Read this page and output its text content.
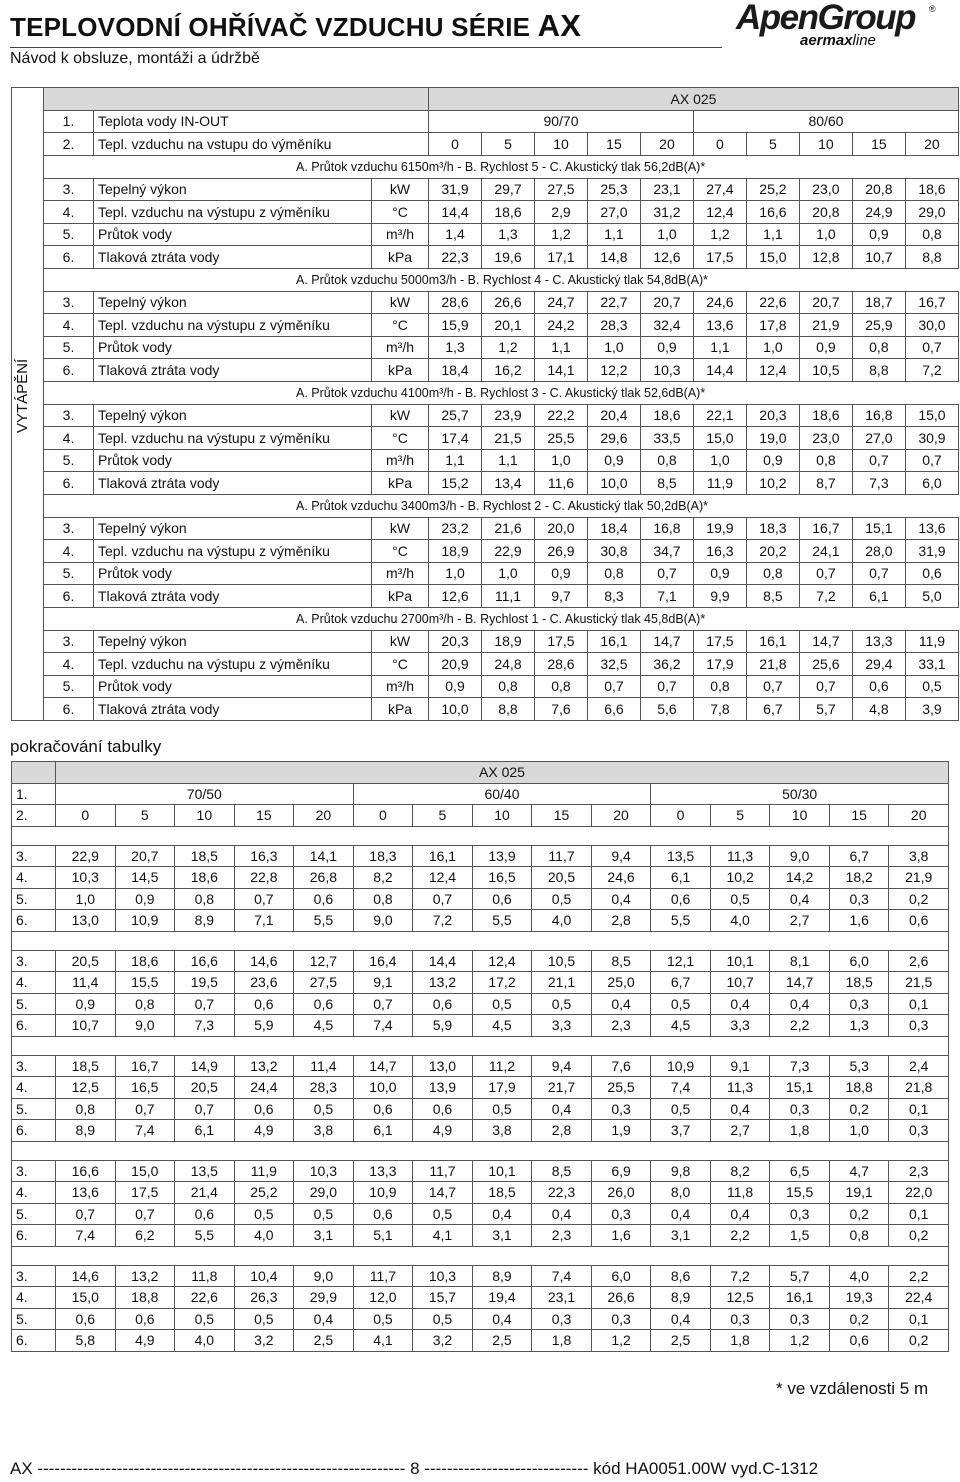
TEPLOVODNÍ OHŘÍVAČ VZDUCHU SÉRIE AX
Návod k obsluze, montáži a údržbě
ApenGroup ®
aermaxline
VYTÁPĚNÍ				AX 025									
	1.	Teplota vody IN-OUT		90/70					80/60				
	2.	Tepl. vzduchu na vstupu do výměníku		0	5	10	15	20	0	5	10	15	20
	A. Průtok vzduchu 6150m³/h - B. Rychlost 5 - C. Akustický tlak 56,2dB(A)*												
	3.	Tepelný výkon	kW	31,9	29,7	27,5	25,3	23,1	27,4	25,2	23,0	20,8	18,6
	4.	Tepl. vzduchu na výstupu z výměníku	°C	14,4	18,6	2,9	27,0	31,2	12,4	16,6	20,8	24,9	29,0
	5.	Průtok vody	m³/h	1,4	1,3	1,2	1,1	1,0	1,2	1,1	1,0	0,9	0,8
	6.	Tlaková ztráta vody	kPa	22,3	19,6	17,1	14,8	12,6	17,5	15,0	12,8	10,7	8,8
	A. Průtok vzduchu 5000m3/h - B. Rychlost 4 - C. Akustický tlak 54,8dB(A)*												
	3.	Tepelný výkon	kW	28,6	26,6	24,7	22,7	20,7	24,6	22,6	20,7	18,7	16,7
	4.	Tepl. vzduchu na výstupu z výměníku	°C	15,9	20,1	24,2	28,3	32,4	13,6	17,8	21,9	25,9	30,0
	5.	Průtok vody	m³/h	1,3	1,2	1,1	1,0	0,9	1,1	1,0	0,9	0,8	0,7
	6.	Tlaková ztráta vody	kPa	18,4	16,2	14,1	12,2	10,3	14,4	12,4	10,5	8,8	7,2
	A. Průtok vzduchu 4100m³/h - B. Rychlost 3 - C. Akustický tlak 52,6dB(A)*												
	3.	Tepelný výkon	kW	25,7	23,9	22,2	20,4	18,6	22,1	20,3	18,6	16,8	15,0
	4.	Tepl. vzduchu na výstupu z výměníku	°C	17,4	21,5	25,5	29,6	33,5	15,0	19,0	23,0	27,0	30,9
	5.	Průtok vody	m³/h	1,1	1,1	1,0	0,9	0,8	1,0	0,9	0,8	0,7	0,7
	6.	Tlaková ztráta vody	kPa	15,2	13,4	11,6	10,0	8,5	11,9	10,2	8,7	7,3	6,0
	A. Průtok vzduchu 3400m3/h - B. Rychlost 2 - C. Akustický tlak 50,2dB(A)*												
	3.	Tepelný výkon	kW	23,2	21,6	20,0	18,4	16,8	19,9	18,3	16,7	15,1	13,6
	4.	Tepl. vzduchu na výstupu z výměníku	°C	18,9	22,9	26,9	30,8	34,7	16,3	20,2	24,1	28,0	31,9
	5.	Průtok vody	m³/h	1,0	1,0	0,9	0,8	0,7	0,9	0,8	0,7	0,7	0,6
	6.	Tlaková ztráta vody	kPa	12,6	11,1	9,7	8,3	7,1	9,9	8,5	7,2	6,1	5,0
	A. Průtok vzduchu 2700m³/h - B. Rychlost 1 - C. Akustický tlak 45,8dB(A)*												
	3.	Tepelný výkon	kW	20,3	18,9	17,5	16,1	14,7	17,5	16,1	14,7	13,3	11,9
	4.	Tepl. vzduchu na výstupu z výměníku	°C	20,9	24,8	28,6	32,5	36,2	17,9	21,8	25,6	29,4	33,1
	5.	Průtok vody	m³/h	0,9	0,8	0,8	0,7	0,7	0,8	0,7	0,7	0,6	0,5
	6.	Tlaková ztráta vody	kPa	10,0	8,8	7,6	6,6	5,6	7,8	6,7	5,7	4,8	3,9
pokračování tabulky
	AX 025														
1.	70/50					60/40					50/30				
2.	0	5	10	15	20	0	5	10	15	20	0	5	10	15	20

3.	22,9	20,7	18,5	16,3	14,1	18,3	16,1	13,9	11,7	9,4	13,5	11,3	9,0	6,7	3,8
4.	10,3	14,5	18,6	22,8	26,8	8,2	12,4	16,5	20,5	24,6	6,1	10,2	14,2	18,2	21,9
5.	1,0	0,9	0,8	0,7	0,6	0,8	0,7	0,6	0,5	0,4	0,6	0,5	0,4	0,3	0,2
6.	13,0	10,9	8,9	7,1	5,5	9,0	7,2	5,5	4,0	2,8	5,5	4,0	2,7	1,6	0,6

3.	20,5	18,6	16,6	14,6	12,7	16,4	14,4	12,4	10,5	8,5	12,1	10,1	8,1	6,0	2,6
4.	11,4	15,5	19,5	23,6	27,5	9,1	13,2	17,2	21,1	25,0	6,7	10,7	14,7	18,5	21,5
5.	0,9	0,8	0,7	0,6	0,6	0,7	0,6	0,5	0,5	0,4	0,5	0,4	0,4	0,3	0,1
6.	10,7	9,0	7,3	5,9	4,5	7,4	5,9	4,5	3,3	2,3	4,5	3,3	2,2	1,3	0,3

3.	18,5	16,7	14,9	13,2	11,4	14,7	13,0	11,2	9,4	7,6	10,9	9,1	7,3	5,3	2,4
4.	12,5	16,5	20,5	24,4	28,3	10,0	13,9	17,9	21,7	25,5	7,4	11,3	15,1	18,8	21,8
5.	0,8	0,7	0,7	0,6	0,5	0,6	0,6	0,5	0,4	0,3	0,5	0,4	0,3	0,2	0,1
6.	8,9	7,4	6,1	4,9	3,8	6,1	4,9	3,8	2,8	1,9	3,7	2,7	1,8	1,0	0,3

3.	16,6	15,0	13,5	11,9	10,3	13,3	11,7	10,1	8,5	6,9	9,8	8,2	6,5	4,7	2,3
4.	13,6	17,5	21,4	25,2	29,0	10,9	14,7	18,5	22,3	26,0	8,0	11,8	15,5	19,1	22,0
5.	0,7	0,7	0,6	0,5	0,5	0,6	0,5	0,4	0,4	0,3	0,4	0,4	0,3	0,2	0,1
6.	7,4	6,2	5,5	4,0	3,1	5,1	4,1	3,1	2,3	1,6	3,1	2,2	1,5	0,8	0,2

3.	14,6	13,2	11,8	10,4	9,0	11,7	10,3	8,9	7,4	6,0	8,6	7,2	5,7	4,0	2,2
4.	15,0	18,8	22,6	26,3	29,9	12,0	15,7	19,4	23,1	26,6	8,9	12,5	16,1	19,3	22,4
5.	0,6	0,6	0,5	0,5	0,4	0,5	0,5	0,4	0,3	0,3	0,4	0,3	0,3	0,2	0,1
6.	5,8	4,9	4,0	3,2	2,5	4,1	3,2	2,5	1,8	1,2	2,5	1,8	1,2	0,6	0,2
* ve vzdálenosti 5 m
AX ----------------------------------------------------------------- 8 ----------------------------- kód HA0051.00W vyd.C-1312
